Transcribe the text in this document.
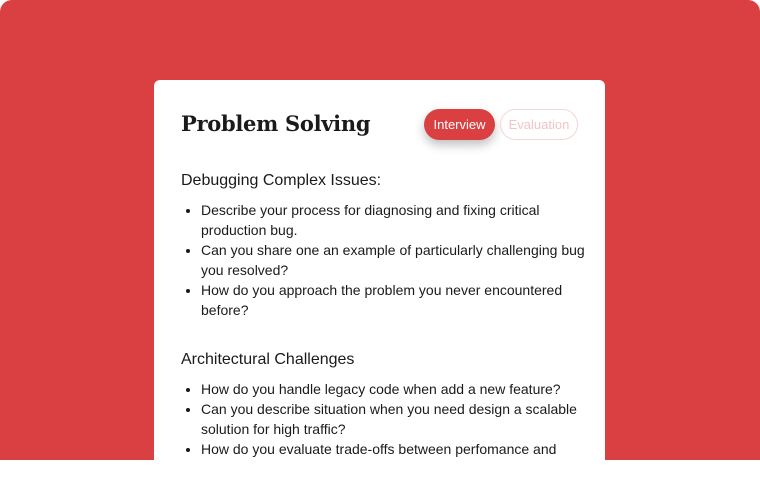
Problem Solving	Interview	Evaluation
Debugging Complex Issues:
• Describe your process for diagnosing and fixing critical production bug.
• Can you share one an example of particularly challenging bug you resolved?
• How do you approach the problem you never encountered before?
Architectural Challenges
• How do you handle legacy code when add a new feature?
• Can you describe situation when you need design a scalable solution for high traffic?
• How do you evaluate trade-offs between perfomance and
